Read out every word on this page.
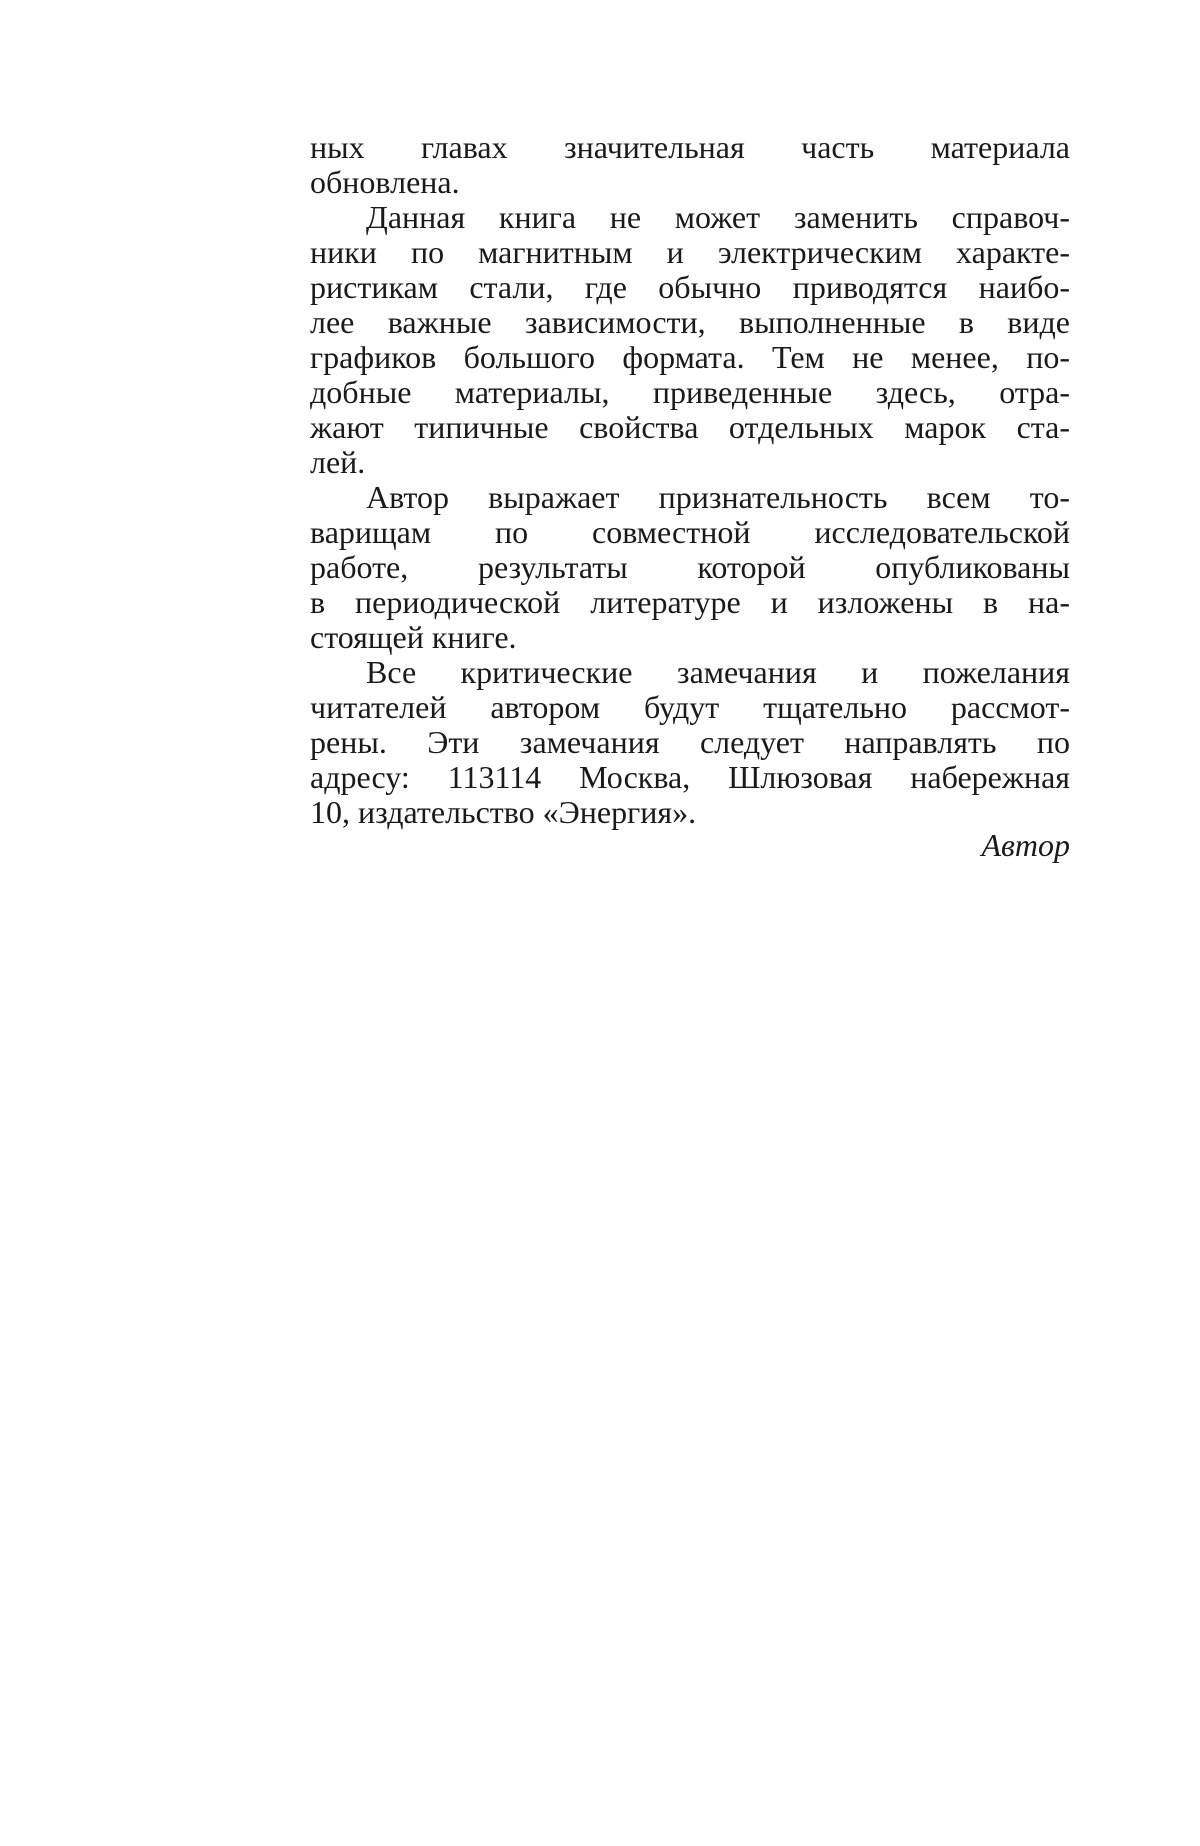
ных главах значительная часть материала
обновлена.
Данная книга не может заменить справоч-
ники по магнитным и электрическим характе-
ристикам стали, где обычно приводятся наибо-
лее важные зависимости, выполненные в виде
графиков большого формата. Тем не менее, по-
добные материалы, приведенные здесь, отра-
жают типичные свойства отдельных марок ста-
лей.
Автор выражает признательность всем то-
варищам по совместной исследовательской
работе, результаты которой опубликованы
в периодической литературе и изложены в на-
стоящей книге.
Все критические замечания и пожелания
читателей автором будут тщательно рассмот-
рены. Эти замечания следует направлять по
адресу: 113114 Москва, Шлюзовая набережная
10, издательство «Энергия».
Автор
